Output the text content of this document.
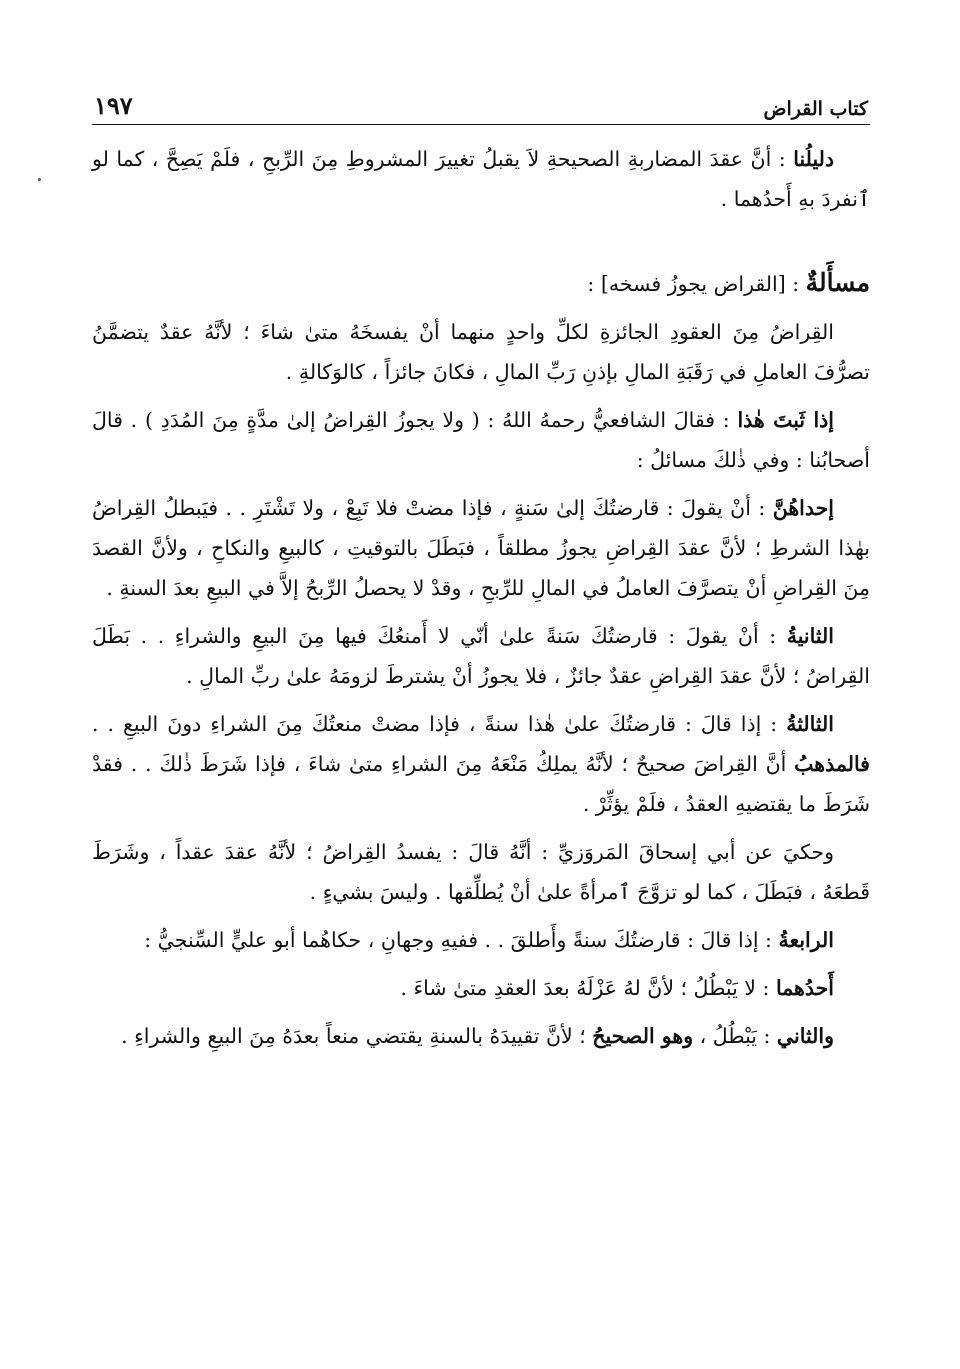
كتاب القراض
١٩٧

دليلُنا : أنَّ عقدَ المضاربةِ الصحيحةِ لاَ يقبلُ تغييرَ المشروطِ مِنَ الرِّبحِ ، فلَمْ يَصِحَّ ، كما لو ٱنفردَ بهِ أَحدُهما .

مسأَلةٌ : [القراض يجوزُ فسخه] :

القِراضُ مِنَ العقودِ الجائزةِ لكلِّ واحدٍ منهما أنْ يفسخَهُ متىٰ شاءَ ؛ لأنَّهُ عقدٌ يتضمَّنُ تصرُّفَ العاملِ في رَقَبَةِ المالِ بإذنِ رَبِّ المالِ ، فكانَ جائزاً ، كالوَكالةِ .

إذا ثَبتَ هٰذا : فقالَ الشافعيُّ رحمهُ اللهُ : ( ولا يجوزُ القِراضُ إلىٰ مدَّةٍ مِنَ المُدَدِ ) . قالَ أصحابُنا : وفي ذٰلكَ مسائلُ :

إحداهُنَّ : أنْ يقولَ : قارضتُكَ إلىٰ سَنةٍ ، فإذا مضتْ فلا تَبِعْ ، ولا تَشْتَرِ . . فيَبطلُ القِراضُ بهٰذا الشرطِ ؛ لأنَّ عقدَ القِراضِ يجوزُ مطلقاً ، فبَطَلَ بالتوقيتِ ، كالبيعِ والنكاحِ ، ولأنَّ القصدَ مِنَ القِراضِ أنْ يتصرَّفَ العاملُ في المالِ للرِّبحِ ، وقدْ لا يحصلُ الرِّبحُ إلاَّ في البيعِ بعدَ السنةِ .

الثانيةُ : أنْ يقولَ : قارضتُكَ سَنةً علىٰ أنّي لا أَمنعُكَ فيها مِنَ البيعِ والشراءِ . . بَطَلَ القِراضُ ؛ لأنَّ عقدَ القِراضِ عقدٌ جائزٌ ، فلا يجوزُ أنْ يشترطَ لزومَهُ علىٰ ربِّ المالِ .

الثالثةُ : إذا قالَ : قارضتُكَ علىٰ هٰذا سنةً ، فإذا مضتْ منعتُكَ مِنَ الشراءِ دونَ البيعِ . . فالمذهبُ أنَّ القِراضَ صحيحٌ ؛ لأنَّهُ يملِكُ مَنْعَهُ مِنَ الشراءِ متىٰ شاءَ ، فإذا شَرَطَ ذٰلكَ . . فقدْ شَرَطَ ما يقتضيهِ العقدُ ، فلَمْ يؤثِّرْ .

وحكيَ عن أبي إسحاقَ المَروَزيِّ : أنَّهُ قالَ : يفسدُ القِراضُ ؛ لأنَّهُ عقدَ عقداً ، وشَرَطَ قَطعَهُ ، فبَطَلَ ، كما لو تزوَّجَ ٱمرأةً علىٰ أنْ يُطلِّقها . وليسَ بشيءٍ .

الرابعةُ : إذا قالَ : قارضتُكَ سنةً وأَطلقَ . . ففيهِ وجهانِ ، حكاهُما أبو عليٍّ السِّنجيُّ :

أَحدُهما : لا يَبْطُلُ ؛ لأنَّ لهُ عَزْلَهُ بعدَ العقدِ متىٰ شاءَ .

والثاني : يَبْطُلُ ، وهو الصحيحُ ؛ لأنَّ تقييدَهُ بالسنةِ يقتضي منعاً بعدَهُ مِنَ البيعِ والشراءِ .
